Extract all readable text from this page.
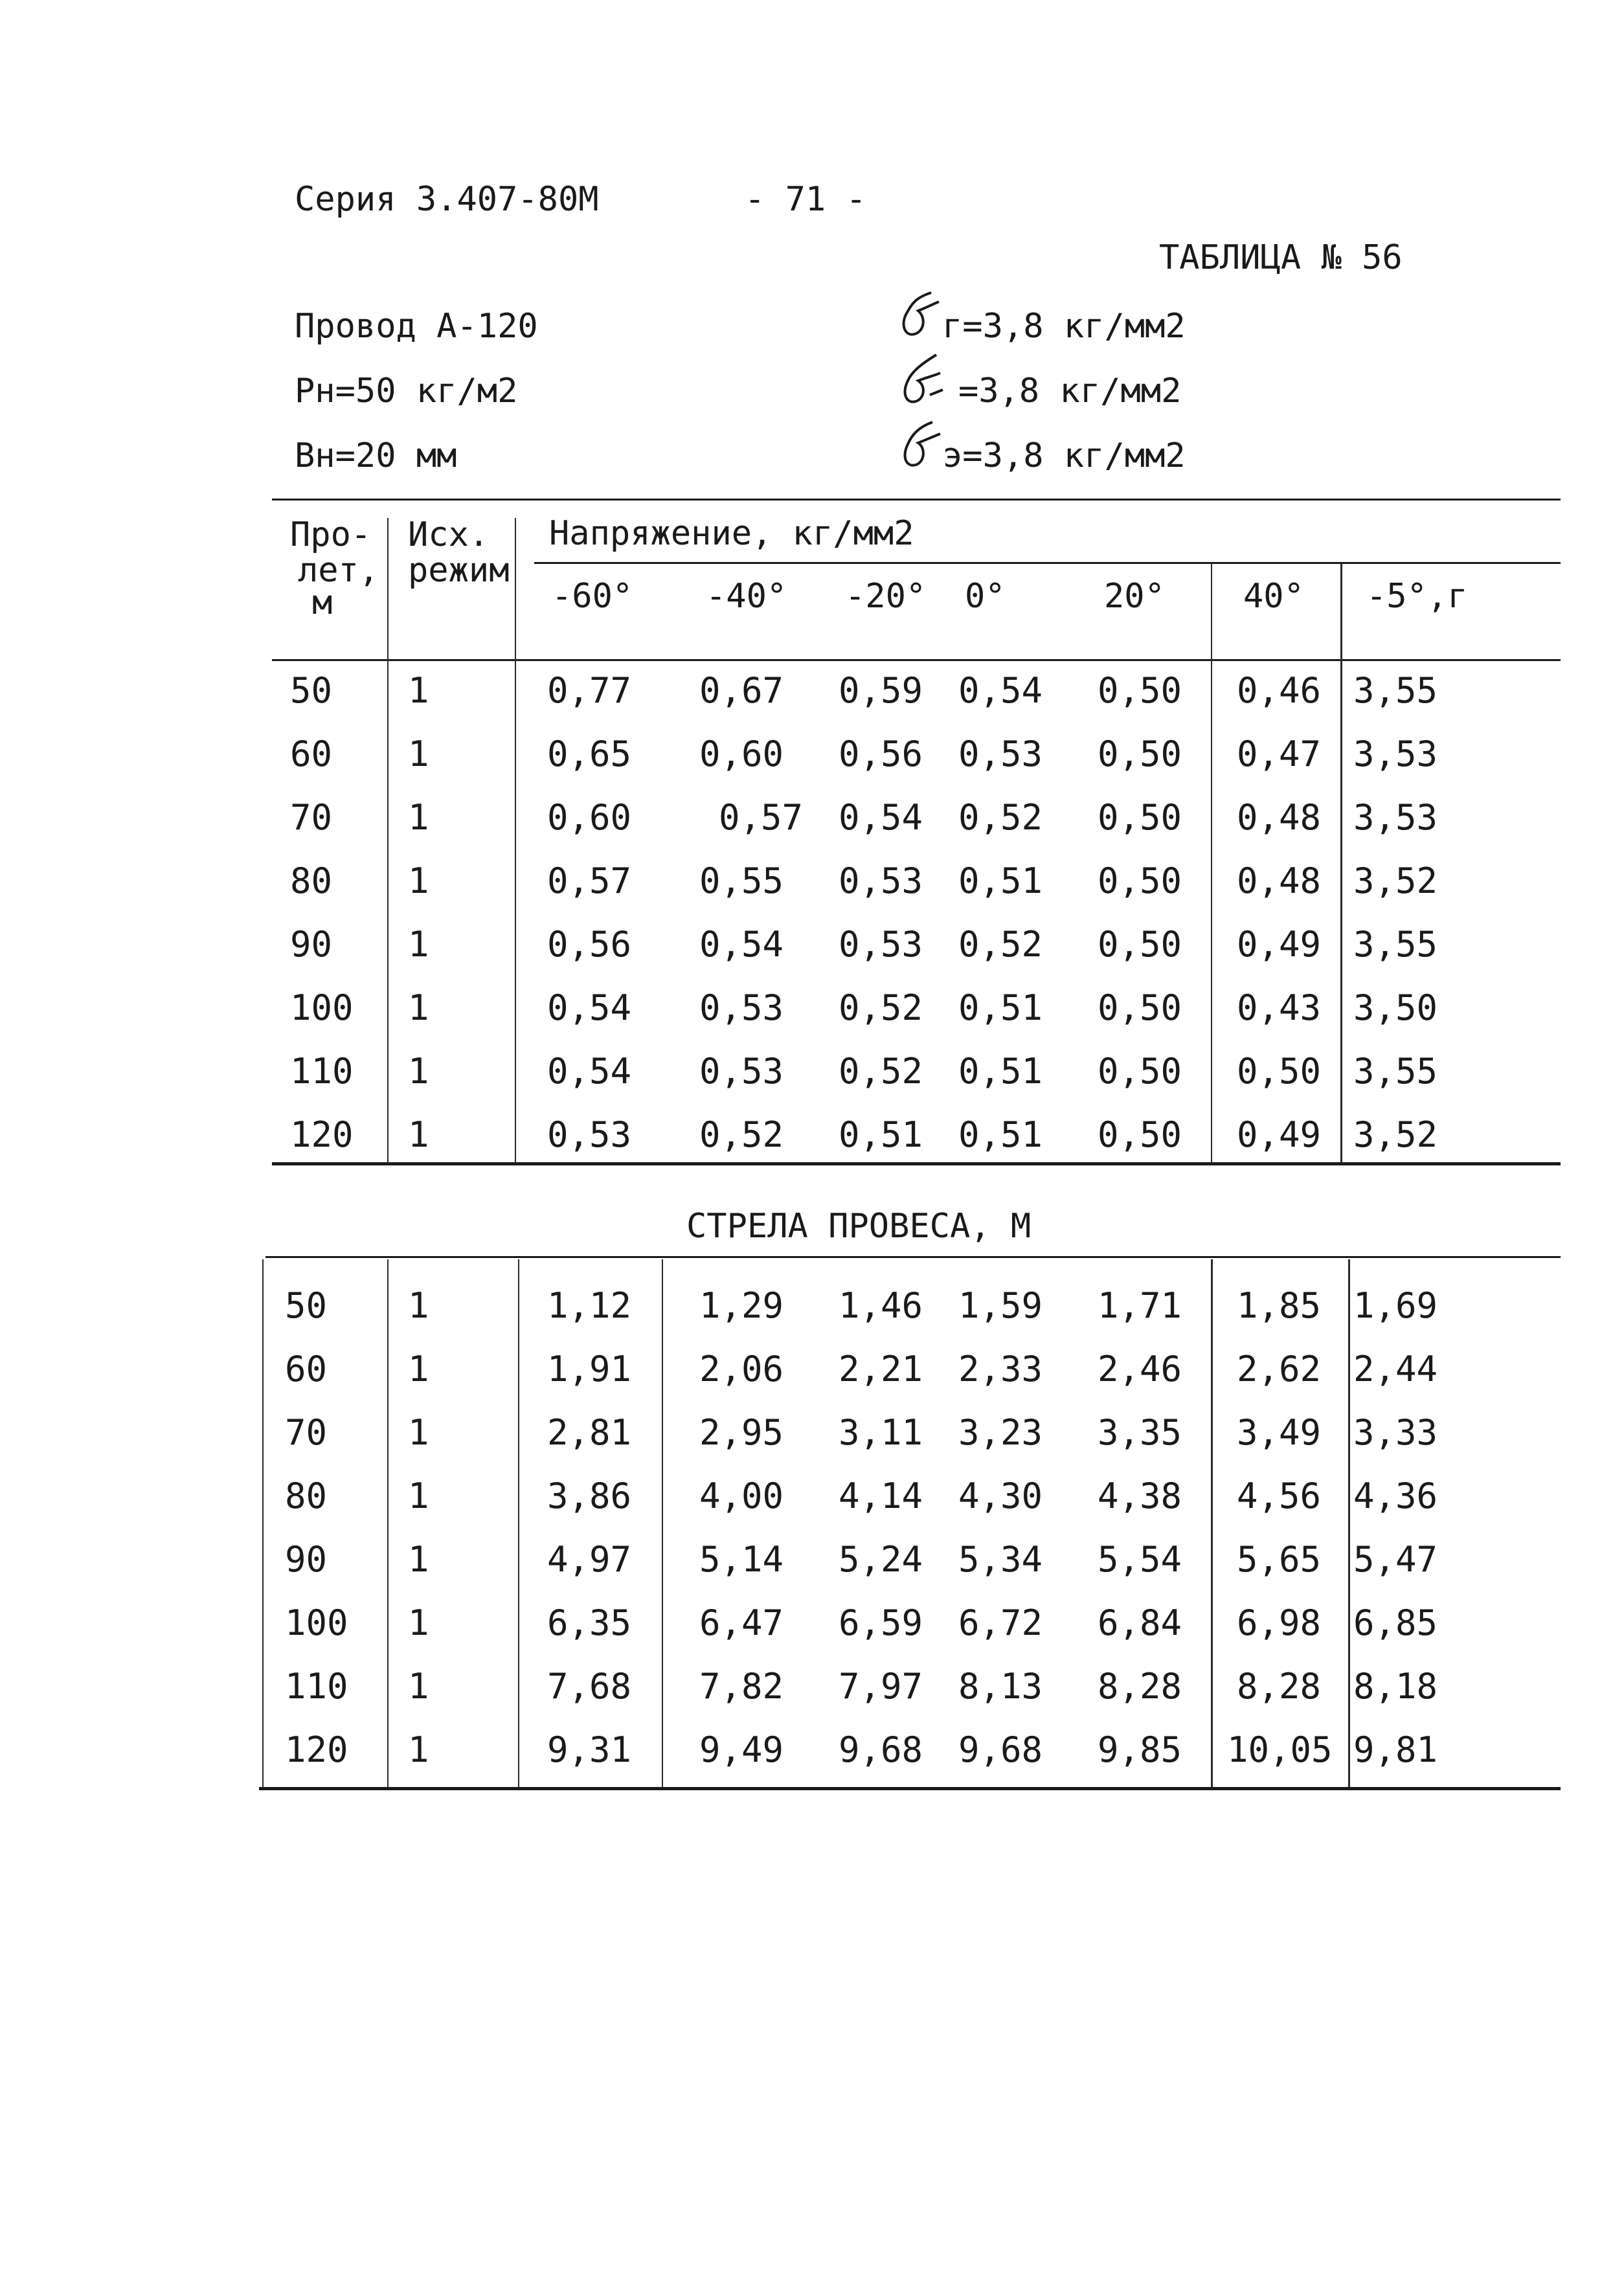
Серия 3.407-80М	- 71 -
ТАБЛИЦА № 56
Провод А-120
Рн=50 кг/м2
Вн=20 мм
г=3,8 кг/мм2
=3,8 кг/мм2
э=3,8 кг/мм2
Про-
лет,
м
Исх.
режим
Напряжение, кг/мм2
-60° -40° -20° 0°	20° 40° -5°,г
50 1	0,77 0,67 0,59 0,54 0,50 0,46 3,55
60 1	0,65 0,60 0,56 0,53 0,50 0,47 3,53
70 1	0,60 0,57 0,54 0,52 0,50 0,48 3,53
80 1	0,57 0,55 0,53 0,51 0,50 0,48 3,52
90 1	0,56 0,54 0,53 0,52 0,50 0,49 3,55
100 1	0,54 0,53 0,52 0,51 0,50 0,43 3,50
110 1	0,54 0,53 0,52 0,51 0,50 0,50 3,55
120 1	0,53 0,52 0,51 0,51 0,50 0,49 3,52
СТРЕЛА ПРОВЕСА, М
50 1	1,12 1,29 1,46 1,59 1,71 1,85 1,69
60 1	1,91 2,06 2,21 2,33 2,46 2,62 2,44
70 1	2,81 2,95 3,11 3,23 3,35 3,49 3,33
80 1	3,86 4,00 4,14 4,30 4,38 4,56 4,36
90 1	4,97 5,14 5,24 5,34 5,54 5,65 5,47
100 1	6,35 6,47 6,59 6,72 6,84 6,98 6,85
110 1	7,68 7,82 7,97 8,13 8,28 8,28 8,18
120 1	9,31 9,49 9,68 9,68 9,85 10,05 9,81
